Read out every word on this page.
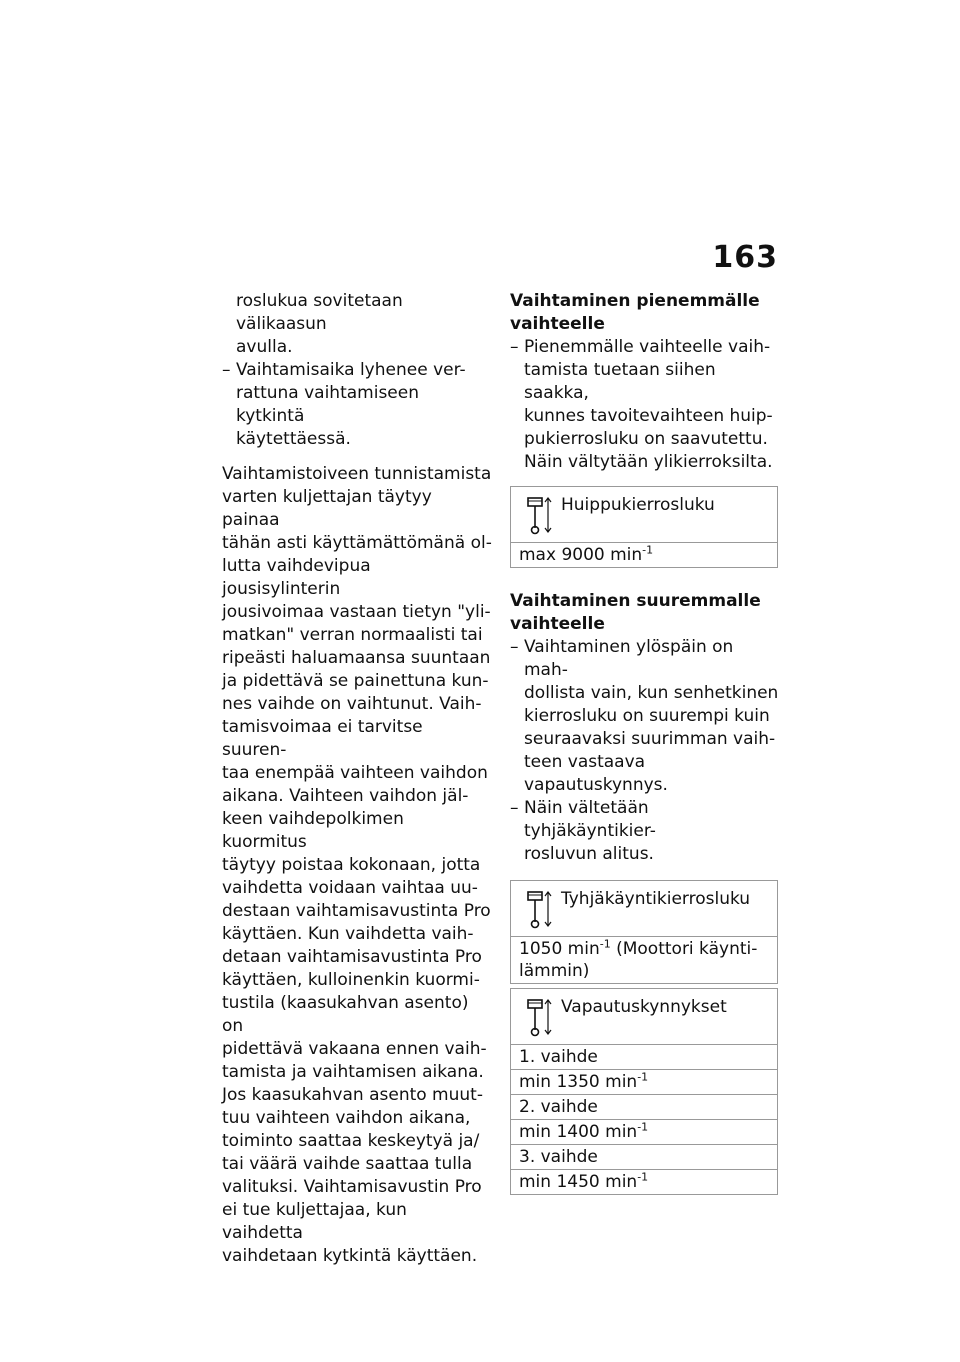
163
roslukua sovitetaan välikaasun
avulla.
– Vaihtamisaika lyhenee ver-
rattuna vaihtamiseen kytkintä
käytettäessä.
Vaihtamistoiveen tunnistamista
varten kuljettajan täytyy painaa
tähän asti käyttämättömänä ol-
lutta vaihdevipua jousisylinterin
jousivoimaa vastaan tietyn "yli-
matkan" verran normaalisti tai
ripeästi haluamaansa suuntaan
ja pidettävä se painettuna kun-
nes vaihde on vaihtunut. Vaih-
tamisvoimaa ei tarvitse suuren-
taa enempää vaihteen vaihdon
aikana. Vaihteen vaihdon jäl-
keen vaihdepolkimen kuormitus
täytyy poistaa kokonaan, jotta
vaihdetta voidaan vaihtaa uu-
destaan vaihtamisavustinta Pro
käyttäen. Kun vaihdetta vaih-
detaan vaihtamisavustinta Pro
käyttäen, kulloinenkin kuormi-
tustila (kaasukahvan asento) on
pidettävä vakaana ennen vaih-
tamista ja vaihtamisen aikana.
Jos kaasukahvan asento muut-
tuu vaihteen vaihdon aikana,
toiminto saattaa keskeytyä ja/
tai väärä vaihde saattaa tulla
valituksi. Vaihtamisavustin Pro
ei tue kuljettajaa, kun vaihdetta
vaihdetaan kytkintä käyttäen.
Vaihtaminen pienemmälle
vaihteelle
– Pienemmälle vaihteelle vaih-
tamista tuetaan siihen saakka,
kunnes tavoitevaihteen huip-
pukierrosluku on saavutettu.
Näin vältytään ylikierroksilta.
Huippukierrosluku
max 9000 $\min^{-1}$
Vaihtaminen suuremmalle
vaihteelle
– Vaihtaminen ylöspäin on mah-
dollista vain, kun senhetkinen
kierrosluku on suurempi kuin
seuraavaksi suurimman vaih-
teen vastaava vapautuskynnys.
– Näin vältetään tyhjäkäyntikier-
rosluvun alitus.
Tyhjäkäyntikierrosluku
1050 $\min^{-1}$ (Moottori käynti-
lämmin)
Vapautuskynnykset
1. vaihde
min 1350 $\min^{-1}$
2. vaihde
min 1400 $\min^{-1}$
3. vaihde
min 1450 $\min^{-1}$
